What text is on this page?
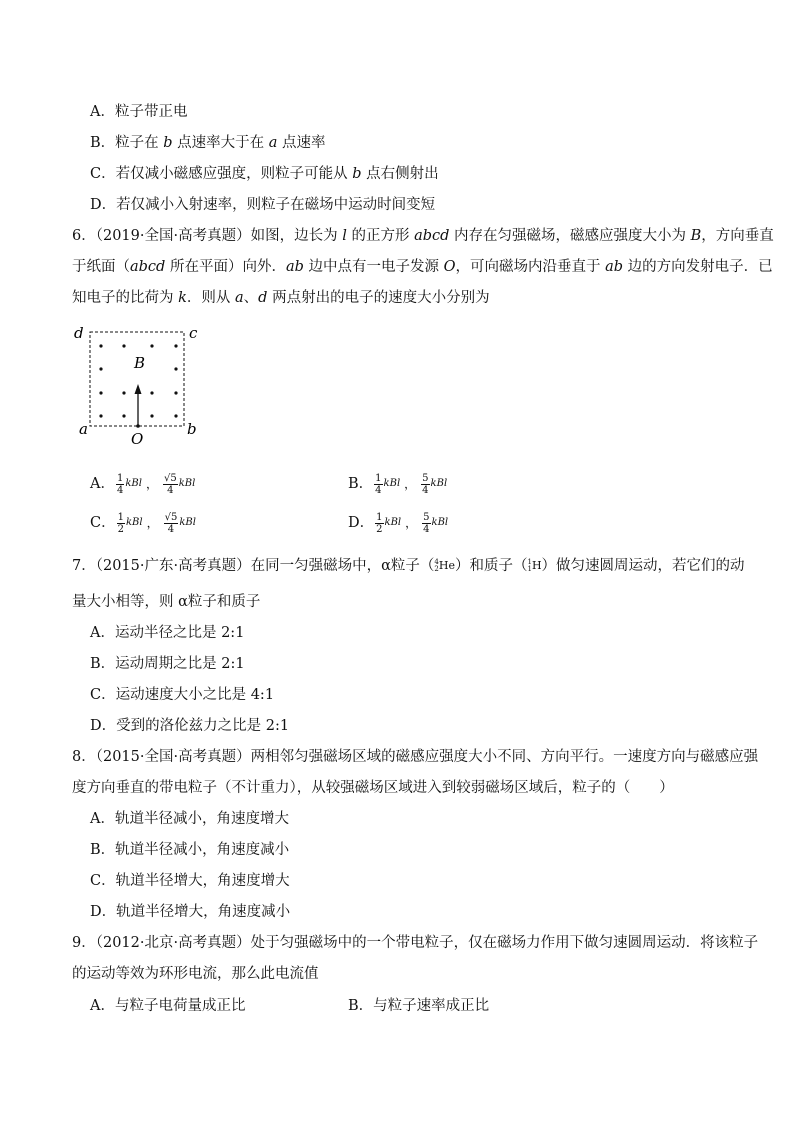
A．粒子带正电
B．粒子在 b 点速率大于在 a 点速率
C．若仅减小磁感应强度，则粒子可能从 b 点右侧射出
D．若仅减小入射速率，则粒子在磁场中运动时间变短
6．（2019·全国·高考真题）如图，边长为 l 的正方形 abcd 内存在匀强磁场，磁感应强度大小为 B，方向垂直
于纸面（abcd 所在平面）向外．ab 边中点有一电子发源 O，可向磁场内沿垂直于 ab 边的方向发射电子．已
知电子的比荷为 k．则从 a、d 两点射出的电子的速度大小分别为
d	c
a	b
B
O
A． $\frac{1}{4}$ kBl ， $\frac{√5}{4}$ kBl	B． $\frac{1}{4}$ kBl ， $\frac{5}{4}$ kBl
C． $\frac{1}{2}$ kBl ， $\frac{√5}{4}$ kBl	D． $\frac{1}{2}$ kBl ， $\frac{5}{4}$ kBl
7．（2015·广东·高考真题）在同一匀强磁场中，α粒子（ 4
2 He）和质子（ 1
1 H）做匀速圆周运动，若它们的动
量大小相等，则 α粒子和质子
A．运动半径之比是 2:1
B．运动周期之比是 2:1
C．运动速度大小之比是 4:1
D．受到的洛伦兹力之比是 2:1
8．（2015·全国·高考真题）两相邻匀强磁场区域的磁感应强度大小不同、方向平行。一速度方向与磁感应强
度方向垂直的带电粒子（不计重力），从较强磁场区域进入到较弱磁场区域后，粒子的（　　）
A．轨道半径减小，角速度增大
B．轨道半径减小，角速度减小
C．轨道半径增大，角速度增大
D．轨道半径增大，角速度减小
9．（2012·北京·高考真题）处于匀强磁场中的一个带电粒子，仅在磁场力作用下做匀速圆周运动．将该粒子
的运动等效为环形电流，那么此电流值
A．与粒子电荷量成正比	B．与粒子速率成正比
